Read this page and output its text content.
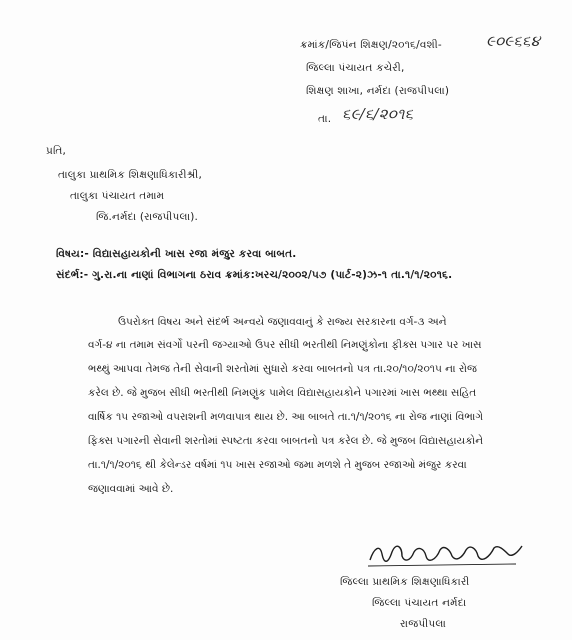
ક્રમાંક/જિપંન શિક્ષણ/૨૦૧૬/વશી-	૯૦૯૬૬૪
જિલ્લા પંચાયત કચેરી,
શિક્ષણ શાખા, નર્મદા (રાજપીપલા)
તા. ૬૯/૬/૨૦૧૬
પ્રતિ,
તાલુકા પ્રાથમિક શિક્ષણાધિકારીશ્રી,
તાલુકા પંચાયત તમામ
જિ.નર્મદા (રાજપીપલા).
વિષય:- વિદ્યાસહાયકોની ખાસ રજા મંજુર કરવા બાબત.
સંદર્ભ:- ગુ.રા.ના નાણાં વિભાગના ઠરાવ ક્રમાંક:ખરચ/૨૦૦૨/૫૭ (પાર્ટ-૨)ઝ-૧ તા.૧/૧/૨૦૧૬.
ઉપરોક્ત વિષય અને સંદર્ભ અન્વયે જણાવવાનું કે રાજ્ય સરકારના વર્ગ-૩ અને
વર્ગ-૪ ના તમામ સંવર્ગો પરની જગ્યાઓ ઉપર સીધી ભરતીથી નિમણુંકોના ફીક્સ પગાર પર ખાસ
ભથ્થું આપવા તેમજ તેની સેવાની શરતોમાં સુધારો કરવા બાબતનો પત્ર તા.૨૦/૧૦/૨૦૧૫ ના રોજ
કરેલ છે. જે મુજબ સીધી ભરતીથી નિમણુંક પામેલ વિદ્યાસહાયકોને પગારમાં ખાસ ભથ્થા સહિત
વાર્ષિક ૧૫ રજાઓ વપરાશની મળવાપાત્ર થાય છે. આ બાબતે તા.૧/૧/૨૦૧૬ ના રોજ નાણાં વિભાગે
ફિક્સ પગારની સેવાની શરતોમાં સ્પષ્ટતા કરવા બાબતનો પત્ર કરેલ છે. જે મુજબ વિદ્યાસહાયકોને
તા.૧/૧/૨૦૧૬ થી કેલેન્ડર વર્ષમાં ૧૫ ખાસ રજાઓ જમા મળશે તે મુજબ રજાઓ મંજુર કરવા
જણાવવામાં આવે છે.
જિલ્લા પ્રાથમિક શિક્ષણાધિકારી
જિલ્લા પંચાયત નર્મદા
રાજપીપલા
